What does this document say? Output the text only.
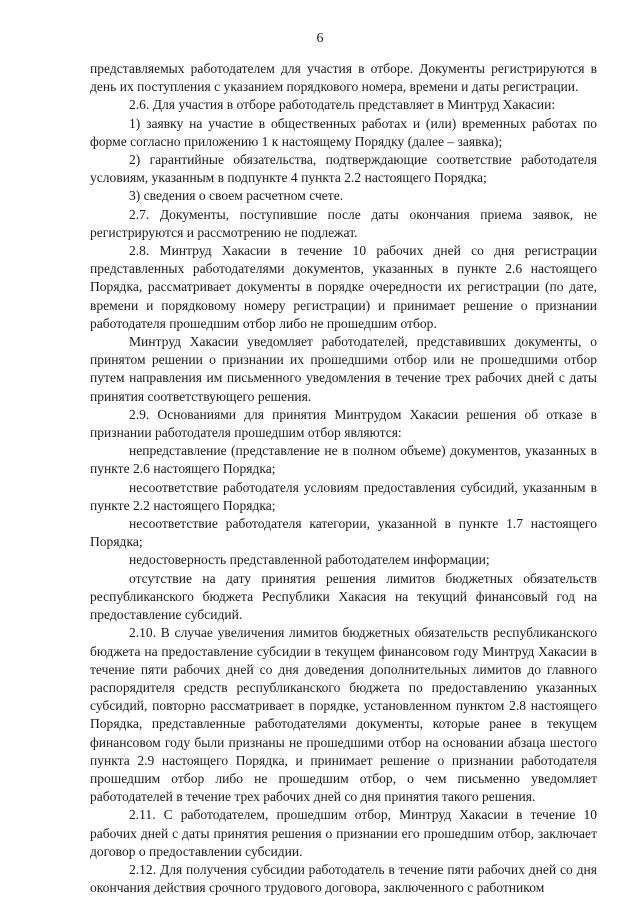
6

представляемых работодателем для участия в отборе. Документы регистрируются в день их поступления с указанием порядкового номера, времени и даты регистрации.

2.6. Для участия в отборе работодатель представляет в Минтруд Хакасии:

1) заявку на участие в общественных работах и (или) временных работах по форме согласно приложению 1 к настоящему Порядку (далее – заявка);

2) гарантийные обязательства, подтверждающие соответствие работодателя условиям, указанным в подпункте 4 пункта 2.2 настоящего Порядка;

3) сведения о своем расчетном счете.

2.7. Документы, поступившие после даты окончания приема заявок, не регистрируются и рассмотрению не подлежат.

2.8. Минтруд Хакасии в течение 10 рабочих дней со дня регистрации представленных работодателями документов, указанных в пункте 2.6 настоящего Порядка, рассматривает документы в порядке очередности их регистрации (по дате, времени и порядковому номеру регистрации) и принимает решение о признании работодателя прошедшим отбор либо не прошедшим отбор.

Минтруд Хакасии уведомляет работодателей, представивших документы, о принятом решении о признании их прошедшими отбор или не прошедшими отбор путем направления им письменного уведомления в течение трех рабочих дней с даты принятия соответствующего решения.

2.9. Основаниями для принятия Минтрудом Хакасии решения об отказе в признании работодателя прошедшим отбор являются:

непредставление (представление не в полном объеме) документов, указанных в пункте 2.6 настоящего Порядка;

несоответствие работодателя условиям предоставления субсидий, указанным в пункте 2.2 настоящего Порядка;

несоответствие работодателя категории, указанной в пункте 1.7 настоящего Порядка;

недостоверность представленной работодателем информации;

отсутствие на дату принятия решения лимитов бюджетных обязательств республиканского бюджета Республики Хакасия на текущий финансовый год на предоставление субсидий.

2.10. В случае увеличения лимитов бюджетных обязательств республиканского бюджета на предоставление субсидии в текущем финансовом году Минтруд Хакасии в течение пяти рабочих дней со дня доведения дополнительных лимитов до главного распорядителя средств республиканского бюджета по предоставлению указанных субсидий, повторно рассматривает в порядке, установленном пунктом 2.8 настоящего Порядка, представленные работодателями документы, которые ранее в текущем финансовом году были признаны не прошедшими отбор на основании абзаца шестого пункта 2.9 настоящего Порядка, и принимает решение о признании работодателя прошедшим отбор либо не прошедшим отбор, о чем письменно уведомляет работодателей в течение трех рабочих дней со дня принятия такого решения.

2.11. С работодателем, прошедшим отбор, Минтруд Хакасии в течение 10 рабочих дней с даты принятия решения о признании его прошедшим отбор, заключает договор о предоставлении субсидии.

2.12. Для получения субсидии работодатель в течение пяти рабочих дней со дня окончания действия срочного трудового договора, заключенного с работником
